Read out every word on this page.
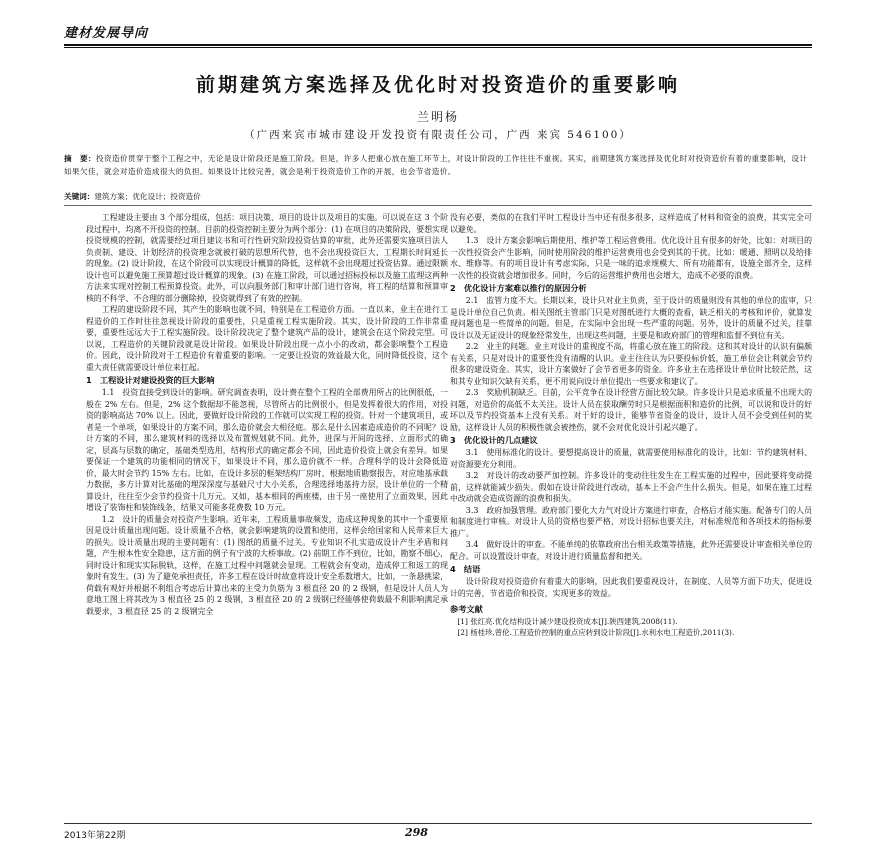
建材发展导向
前期建筑方案选择及优化时对投资造价的重要影响
兰明杨
（广西来宾市城市建设开发投资有限责任公司，广西 来宾 546100）
摘　要：投资造价贯穿于整个工程之中，无论是设计阶段还是施工阶段。但是，许多人把重心放在施工环节上，对设计阶段的工作往往不重视。其实，前期建筑方案选择及优化时对投资造价有着的重要影响，设计如果欠佳，就会对造价造成很大的负担。如果设计比较完善，就会是利于投资造价工作的开展，也会节省造价。
关键词：建筑方案；优化设计；投资造价

工程建设主要由 3 个部分组成，包括：项目决策、项目的设计以及项目的实施。可以说在这 3 个阶段过程中，均离不开投资的控制。目前的投资控制主要分为两个部分：(1) 在项目的决策阶段，要想实现投资规模的控制，就需要经过项目建议书和可行性研究阶段投资估算的审批，此外还需要实施项目法人负责制、建设、计划经济的投资理念就被打破的思想所代替，也不会出现投资巨大、工程期长时间延长的现象。(2) 设计阶段，在这个阶段可以实现设计概算的降低，这样就不会出现超过投资估算。通过限额设计也可以避免施工预算超过设计概算的现象。(3) 在施工阶段，可以通过招标投标以及施工监理这两种方法来实现对控制工程预算投资。此外，可以向服务部门和审计部门进行咨询，将工程的结算和预算审核的不科学、不合理的部分删除掉，投资就得到了有效的控制。

工程的建设阶段不同，其产生的影响也就不同，特别是在工程造价方面。一直以来，业主在进行工程造价的工作时往往忽视设计阶段的重要性，只是重视工程实施阶段。其实，设计阶段的工作非常重要，重要性远远大于工程实施阶段。设计阶段决定了整个建筑产品的设计，建筑会在这个阶段完型。可以说，工程造价的关键阶段就是设计阶段。如果设计阶段出现一点小小的改动，都会影响整个工程造价。因此，设计阶段对于工程造价有着重要的影响。一定要让投资的效益最大化，同时降低投资，这个重大责任就需要设计单位来扛起。

1　工程设计对建设投资的巨大影响

1.1　投资直接受到设计的影响。研究调查表明，设计费在整个工程的全部费用所占的比例很低，一般在 2% 左右。但是，2% 这个数据却不能忽视，尽管所占的比例很小，但是发挥着很大的作用，对投资的影响高达 70% 以上。因此，要做好设计阶段的工作就可以实现工程的投资。针对一个建筑项目，或者是一个单项，如果设计的方案不同，那么造价就会大相径庭。那么是什么因素造成造价的不同呢？设计方案的不同，那么建筑材料的选择以及布置规划就不同。此外，进深与开间的选择、立面形式的确定，层高与层数的确定，基础类型选用，结构形式的确定都会不同，因此造价投资上就会有差异。如果要保证一个建筑的功能相同的情况下，如果设计不同，那么造价就不一样。合理科学的设计会降低造价，最大时会节约 15% 左右。比如，在设计多层的框架结构厂房时，根据地质勘察报告，对应地基承载力数据，多方计算对比基础的埋深深度与基础尺寸大小关系，合理选择地基持力层，设计单位的一个精算设计，往往至少会节约投资十几万元。又如，基本相同的两座楼，由于另一座使用了立面效果，因此增设了装饰柱和装饰线条，结果又可能多花费数 10 万元。

1.2　设计的质量会对投资产生影响。近年来，工程质量事故频发，造成这种现象的其中一个重要原因是设计质量出现问题。设计质量不合格，就会影响建筑的设置和使用，这样会给国家和人民带来巨大的损失。设计质量出现的主要问题有：(1) 图纸的质量不过关。专业知识不扎实造成设计产生矛盾和问题，产生根本性安全隐患，这方面的例子有宁波的大桥事故。(2) 前期工作不到位，比如，勘察不细心，同时设计和现实实际脱轨，这样，在施工过程中问题就会显现。工程就会有变动，造成停工和返工的现象时有发生。(3) 为了避免承担责任，许多工程在设计时故意将设计安全系数增大，比如，一条悬挑梁，荷载有观好并根据不利组合考虑后计算出来的主受力负筋为 3 根直径 20 的 2 级钢，但是设计人员人为意地工图上将其改为 3 根直径 25 的 2 级钢，3 根直径 20 的 2 级钢已经能够使荷载最不利影响满足承载要求，3 根直径 25 的 2 级钢完全

没有必要，类似的在我们平时工程设计当中还有很多很多，这样造成了材料和资金的浪费，其实完全可以避免。

1.3　设计方案会影响后期使用、维护等工程运营费用。优化设计且有很多的好处，比如：对项目的一次性投资会产生影响，同时使用阶段的维护运营费用也会受到其的干扰。比如：暖通、照明以及给排水、维修等。有的项目设计有考虑实际，只是一味的追求规模大、所有功能都有，设施全部齐全，这样一次性的投资就会增加很多。同时，今后的运营维护费用也会增大，造成不必要的浪费。

2　优化设计方案难以推行的原因分析

2.1　监管力度不大。长期以来，设计只对业主负责，至于设计的质量则没有其他的单位的监审，只是设计单位自己负责。相关图纸主管部门只是对图纸进行大概的查看，缺乏相关的考核和评价，就算发现问题也是一些简单的问题。但是，在实际中会出现一些严重的问题。另外，设计的质量不过关，挂靠设计以及无证设计的现象经常发生，出现这些问题，主要是和政府部门的管理和监督不到位有关。

2.2　业主的问题。业主对设计的重视度不高，将重心放在施工的阶段。这和其对设计的认识有偏颇有关系，只是对设计的重要性没有清醒的认识。业主往往认为只要投标价低，施工单位会让利就会节约很多的建设资金。其实，设计方案做好了会节省更多的资金。许多业主在选择设计单位时比较茫然，这和其专业知识欠缺有关系，更不用说向设计单位提出一些要求和建议了。

2.3　奖励机制缺乏。目前，公平竞争在设计经营方面比较欠缺。许多设计只是追求质量不出现大的问题，对造价的高低不太关注。设计人员在获取酬劳时只是根据面积和造价的比例，可以说和设计的好坏以及节约投资基本上没有关系。对于好的设计，能够节省资金的设计，设计人员不会受到任何的奖励，这样设计人员的积极性就会被挫伤，就不会对优化设计引起兴趣了。

3　优化设计的几点建议

3.1　使用标准化的设计。要想提高设计的质量，就需要使用标准化的设计，比如：节约建筑材料、对资源要充分利用。

3.2　对设计的改动要严加控制。许多设计的变动往往发生在工程实施的过程中，因此要将变动提前，这样就能减少损失。假如在设计阶段进行改动，基本上不会产生什么损失。但是，如果在施工过程中改动就会造成资源的浪费和损失。

3.3　政府加强管理。政府部门要化大力气对设计方案进行审查，合格后才能实施。配备专门的人员和制度进行审核。对设计人员的资格也要严格，对设计招标也要关注，对标准规范和各项技术的指标要推广。

3.4　做好设计的审查。不能单纯的依靠政府出台相关政策等措施，此外还需要设计审查相关单位的配合。可以设置设计审查，对设计进行质量监督和把关。

4　结语

设计阶段对投资造价有着重大的影响，因此我们要重视设计，在制度、人员等方面下功夫，促进设计的完善，节省造价和投资，实现更多的效益。

参考文献

[1] 张红亮.优化结构设计减少建设投资成本[J].陕西建筑,2008(11).

[2] 杨桂珍,曾伦.工程造价控制的重点应转到设计阶段[J].水利水电工程造价,2011(3).

2013年第22期	298
